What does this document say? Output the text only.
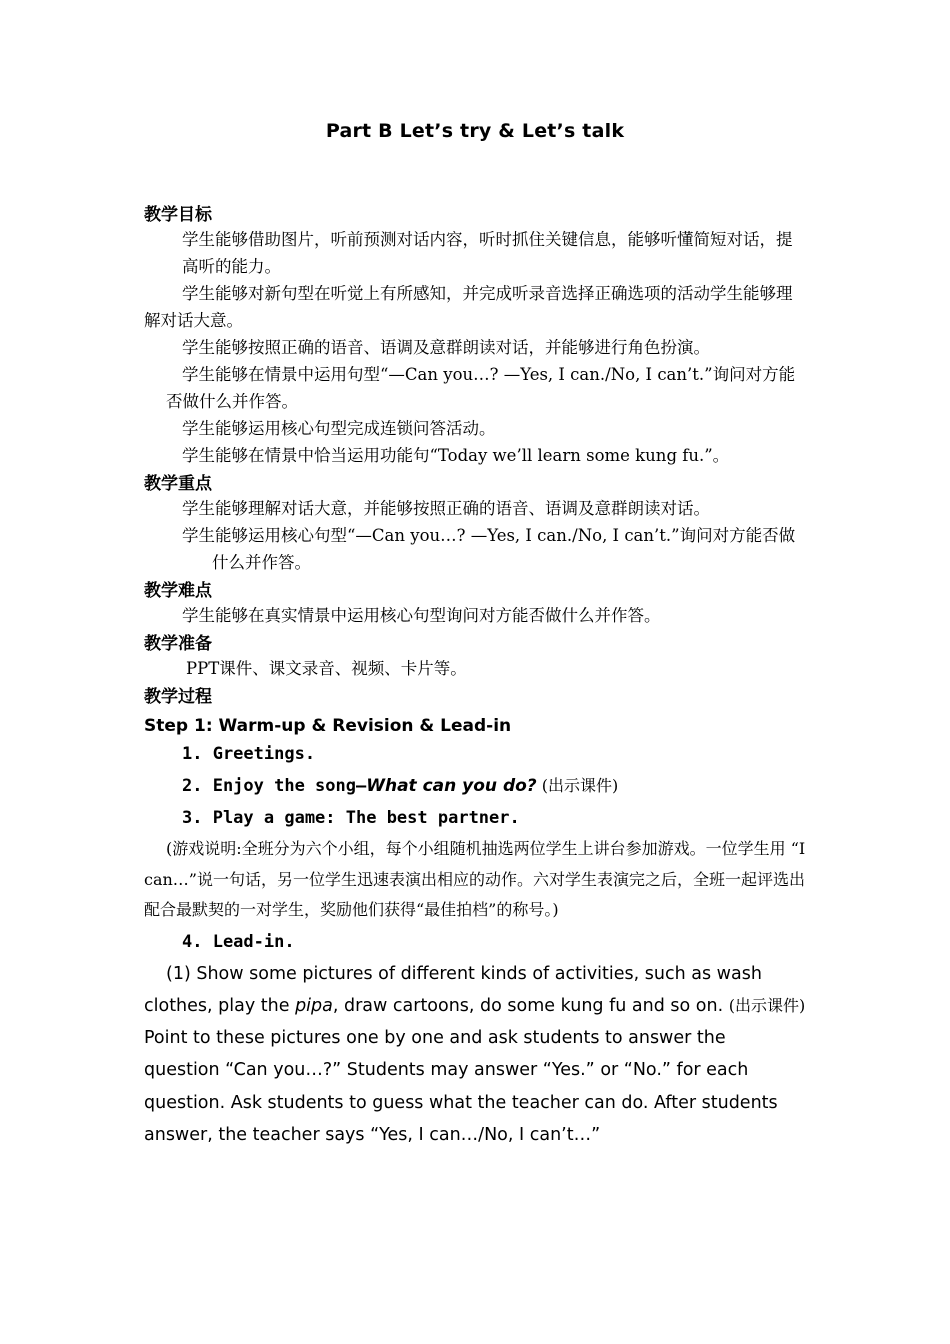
Part B Let’s try & Let’s talk

教学目标

学生能够借助图片，听前预测对话内容，听时抓住关键信息，能够听懂简短对话，提高听的能力。

学生能够对新句型在听觉上有所感知，并完成听录音选择正确选项的活动学生能够理解对话大意。

学生能够按照正确的语音、语调及意群朗读对话，并能够进行角色扮演。

学生能够在情景中运用句型“—Can you…? —Yes, I can./No, I can’t.”询问对方能否做什么并作答。

学生能够运用核心句型完成连锁问答活动。

学生能够在情景中恰当运用功能句“Today we’ll learn some kung fu.”。

教学重点

学生能够理解对话大意，并能够按照正确的语音、语调及意群朗读对话。

学生能够运用核心句型“—Can you…? —Yes, I can./No, I can’t.”询问对方能否做什么并作答。

教学难点

学生能够在真实情景中运用核心句型询问对方能否做什么并作答。

教学准备

PPT课件、课文录音、视频、卡片等。

教学过程

Step 1: Warm-up & Revision & Lead-in

1. Greetings.

2. Enjoy the song—What can you do? (出示课件)

3. Play a game: The best partner.

(游戏说明:全班分为六个小组，每个小组随机抽选两位学生上讲台参加游戏。一位学生用 “I can…”说一句话，另一位学生迅速表演出相应的动作。六对学生表演完之后，全班一起评选出配合最默契的一对学生，奖励他们获得“最佳拍档”的称号。)

4. Lead-in.

(1) Show some pictures of different kinds of activities, such as wash clothes, play the pipa, draw cartoons, do some kung fu and so on. (出示课件) Point to these pictures one by one and ask students to answer the question “Can you…?” Students may answer “Yes.” or “No.” for each question. Ask students to guess what the teacher can do. After students answer, the teacher says “Yes, I can…/No, I can’t…”
